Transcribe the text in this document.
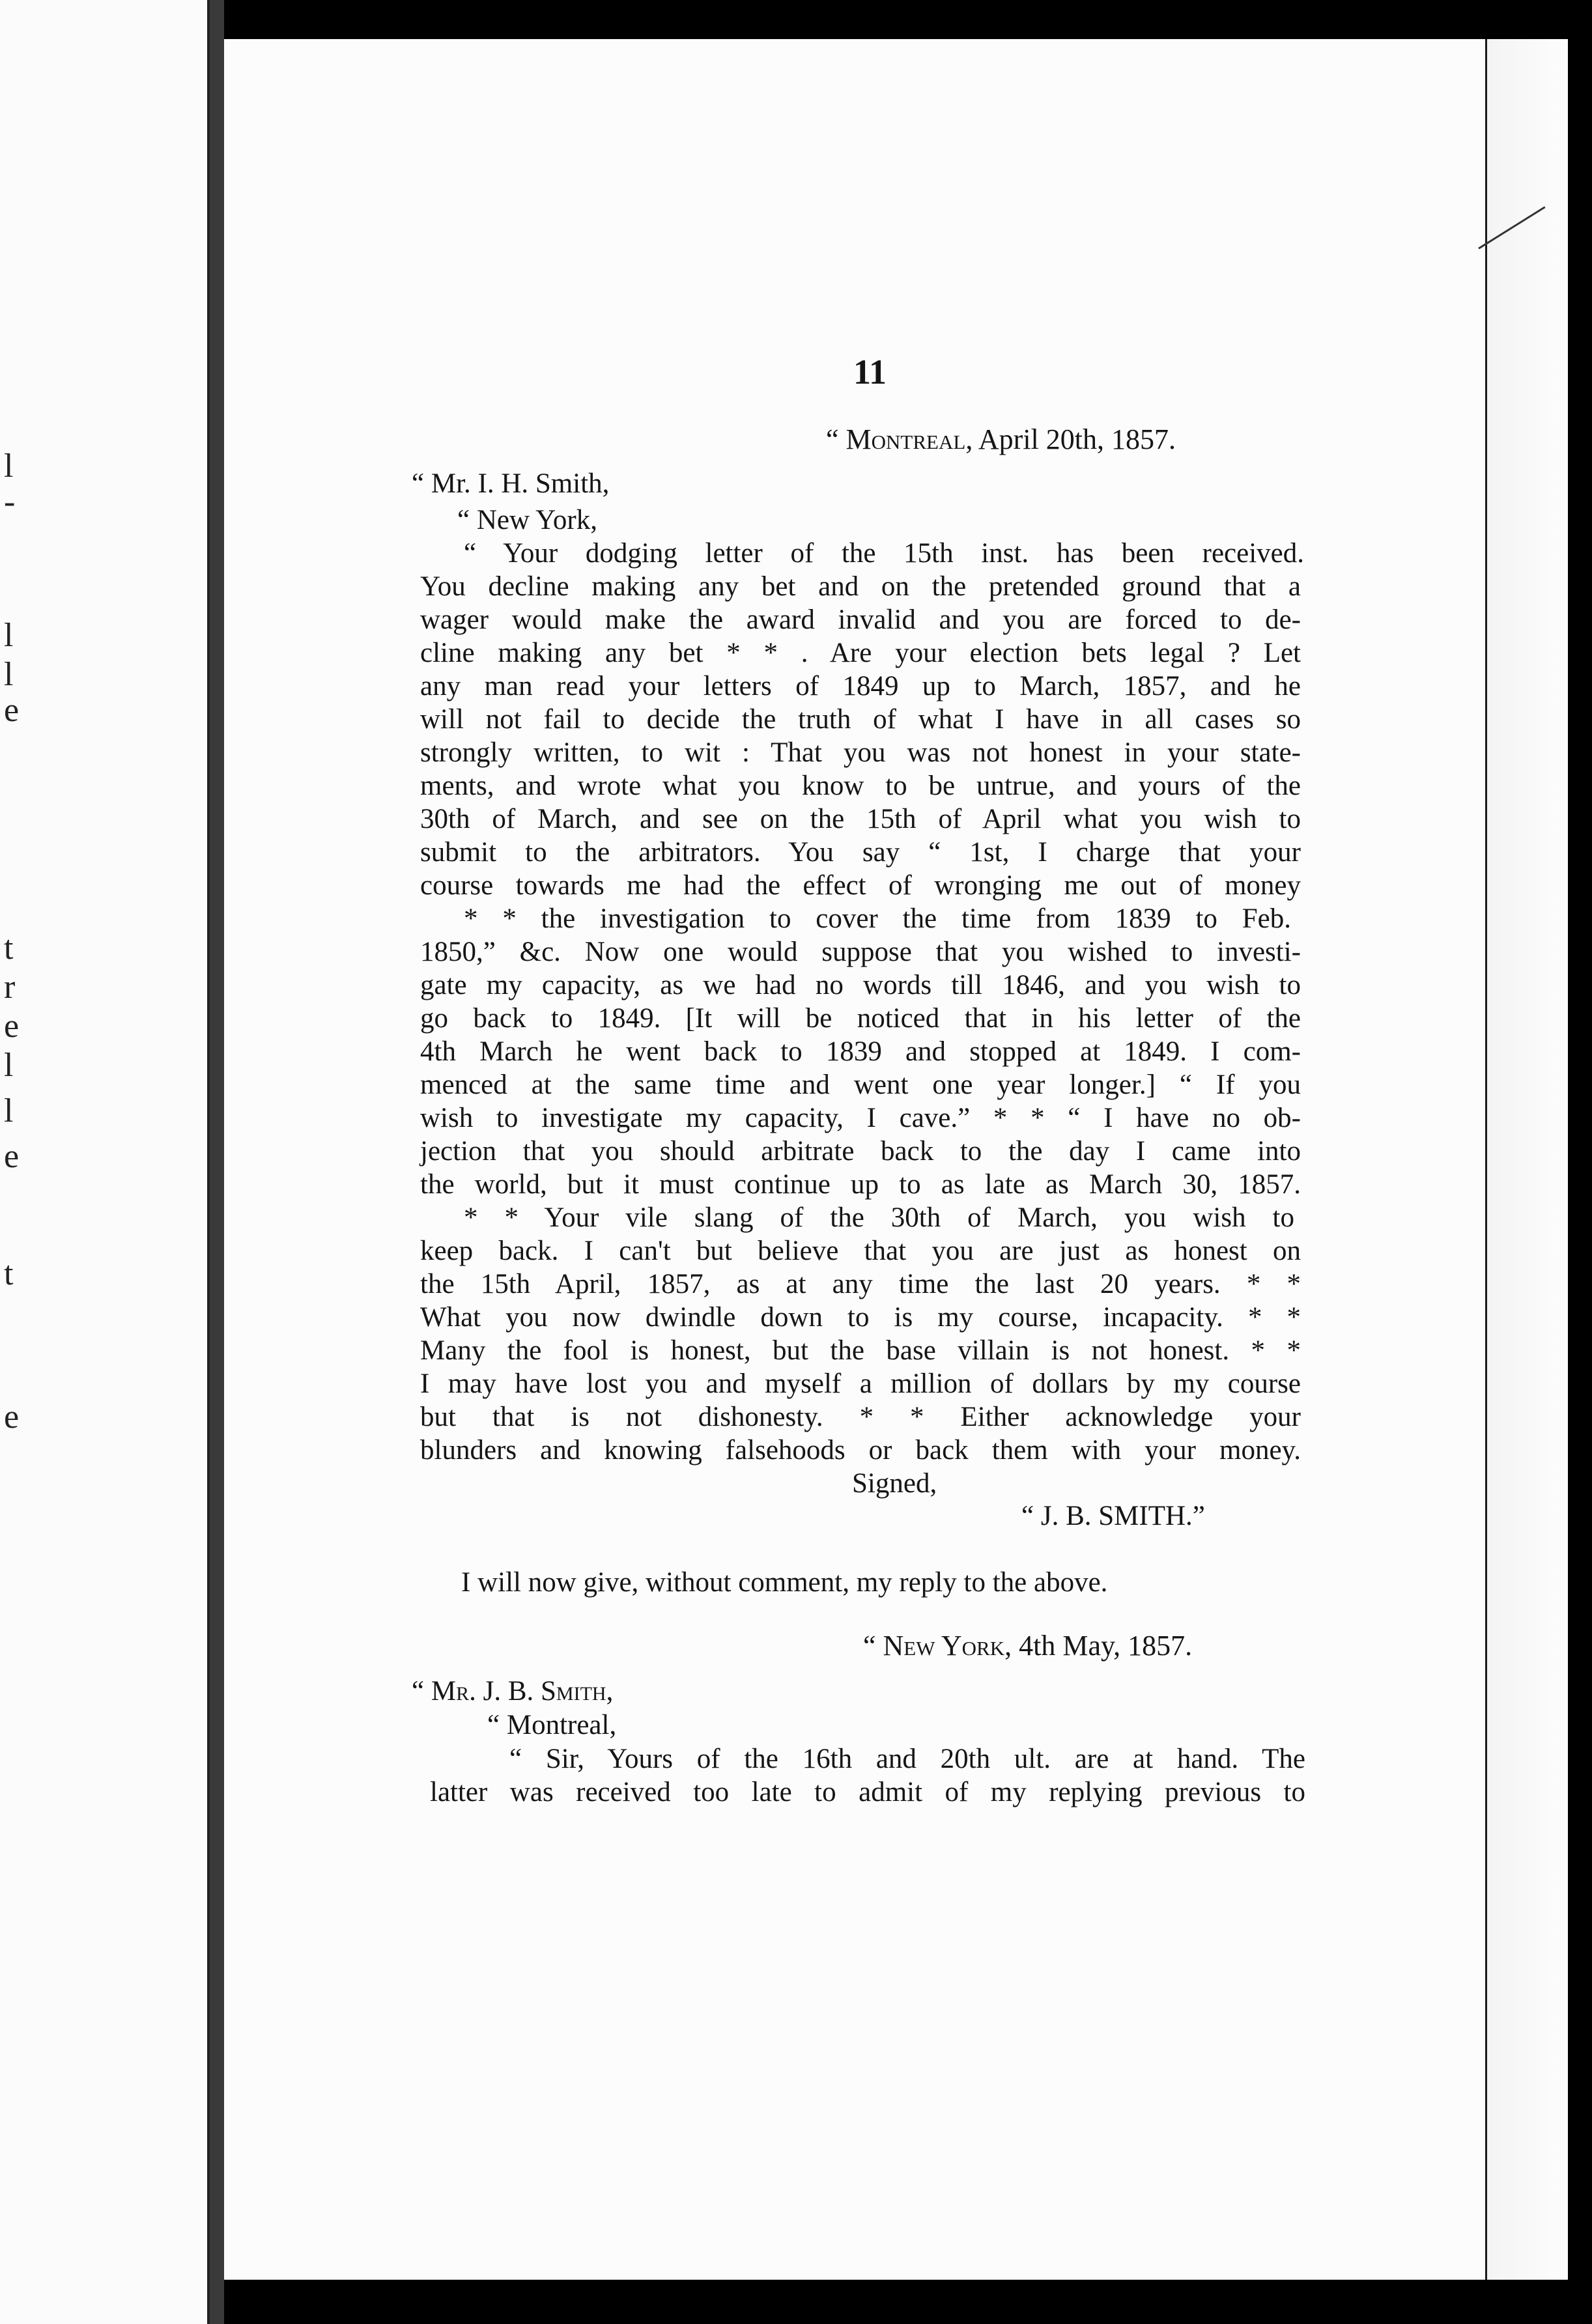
l
-
l
l
e
t
r
e
l
l
e
t
e
11
“ Montreal, April 20th, 1857.
“ Mr. I. H. Smith,
“ New York,
“ Your dodging letter of the 15th inst. has been received.
You decline making any bet and on the pretended ground that a
wager would make the award invalid and you are forced to de-
cline making any bet * * . Are your election bets legal ? Let
any man read your letters of 1849 up to March, 1857, and he
will not fail to decide the truth of what I have in all cases so
strongly written, to wit : That you was not honest in your state-
ments, and wrote what you know to be untrue, and yours of the
30th of March, and see on the 15th of April what you wish to
submit to the arbitrators. You say “ 1st, I charge that your
course towards me had the effect of wronging me out of money
* * the investigation to cover the time from 1839 to Feb.
1850,” &c. Now one would suppose that you wished to investi-
gate my capacity, as we had no words till 1846, and you wish to
go back to 1849. [It will be noticed that in his letter of the
4th March he went back to 1839 and stopped at 1849. I com-
menced at the same time and went one year longer.] “ If you
wish to investigate my capacity, I cave.” * * “ I have no ob-
jection that you should arbitrate back to the day I came into
the world, but it must continue up to as late as March 30, 1857.
* * Your vile slang of the 30th of March, you wish to
keep back. I can't but believe that you are just as honest on
the 15th April, 1857, as at any time the last 20 years. * *
What you now dwindle down to is my course, incapacity. * *
Many the fool is honest, but the base villain is not honest. * *
I may have lost you and myself a million of dollars by my course
but that is not dishonesty. * * Either acknowledge your
blunders and knowing falsehoods or back them with your money.
Signed,
“ J. B. SMITH.”
I will now give, without comment, my reply to the above.
“ New York, 4th May, 1857.
“ Mr. J. B. Smith,
“ Montreal,
“ Sir, Yours of the 16th and 20th ult. are at hand. The
latter was received too late to admit of my replying previous to
